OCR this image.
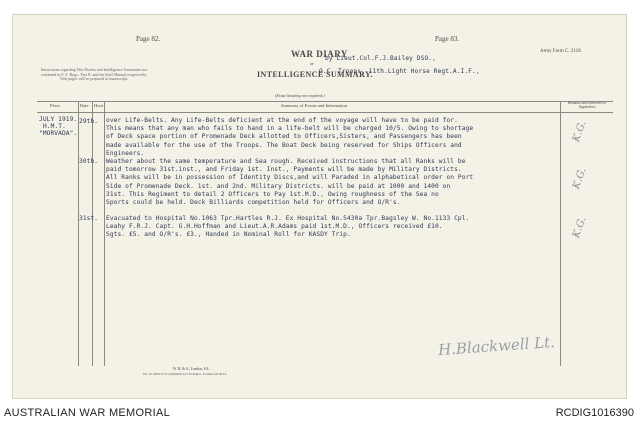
Page 82.	Page 83.
WAR DIARY
or
INTELLIGENCE SUMMARY.
(Erase heading not required.)
by Lieut.Col.F.J.Bailey DSO.,
O.C. Troops, 11th.Light Horse Regt.A.I.F.,
Army Form C. 2118.
Instructions regarding War Diaries and Intelligence Summaries are contained in F. S. Regs., Part II. and the Staff Manual respectively. Title pages will be prepared in manuscript.
Place	Date Hour	Summary of Events and Information	Remarks and references to Appendices
JULY 1919.
H.M.T.
"MORVADA".
29th. over Life-Belts. Any Life-Belts deficient at the end of the voyage will have to be paid for.
This means that any man who fails to hand in a life-belt will be charged 10/5. Owing to shortage
of Deck space portion of Promenade Deck allotted to Officers,Sisters, and Passengers has been
made available for the use of the Troops. The Boat Deck being reserved for Ships Officers and
Engineers.
30th. Weather about the same temperature and Sea rough. Received instructions that all Ranks will be
paid tomorrow 31st.inst., and Friday 1st. Inst., Payments will be made by Military Districts.
All Ranks will be in possession of Identity Discs,and will Paraded in alphabetical order on Port
Side of Promenade Deck. 1st. and 2nd. Military Districts. will be paid at 1000 and 1400 on
31st. This Regiment to detail 2 Officers to Pay 1st.M.D., Owing roughness of the Sea no
Sports could be held. Deck Billiards competition held for Officers and O/R's.
31st. Evacuated to Hospital No.1063 Tpr.Hartles R.J. Ex Hospital No.5430a Tpr.Bagsley W. No.1133 Cpl.
Leahy F.R.J. Capt. G.H.Hoffman and Lieut.A.R.Adams paid 1st.M.D., Officers received £10.
Sgts. £5. and O/R's. £3., Handed in Nominal Roll for KASDY Trip.
K.G.
K.G.
K.G.
H.Blackwell Lt.
W. H. & S., London, S.E.
Wt. W 1063/1173 1,000,000 5/17 D.D.& L. Forms/C2118/14.
AUSTRALIAN WAR MEMORIAL	RCDIG1016390
